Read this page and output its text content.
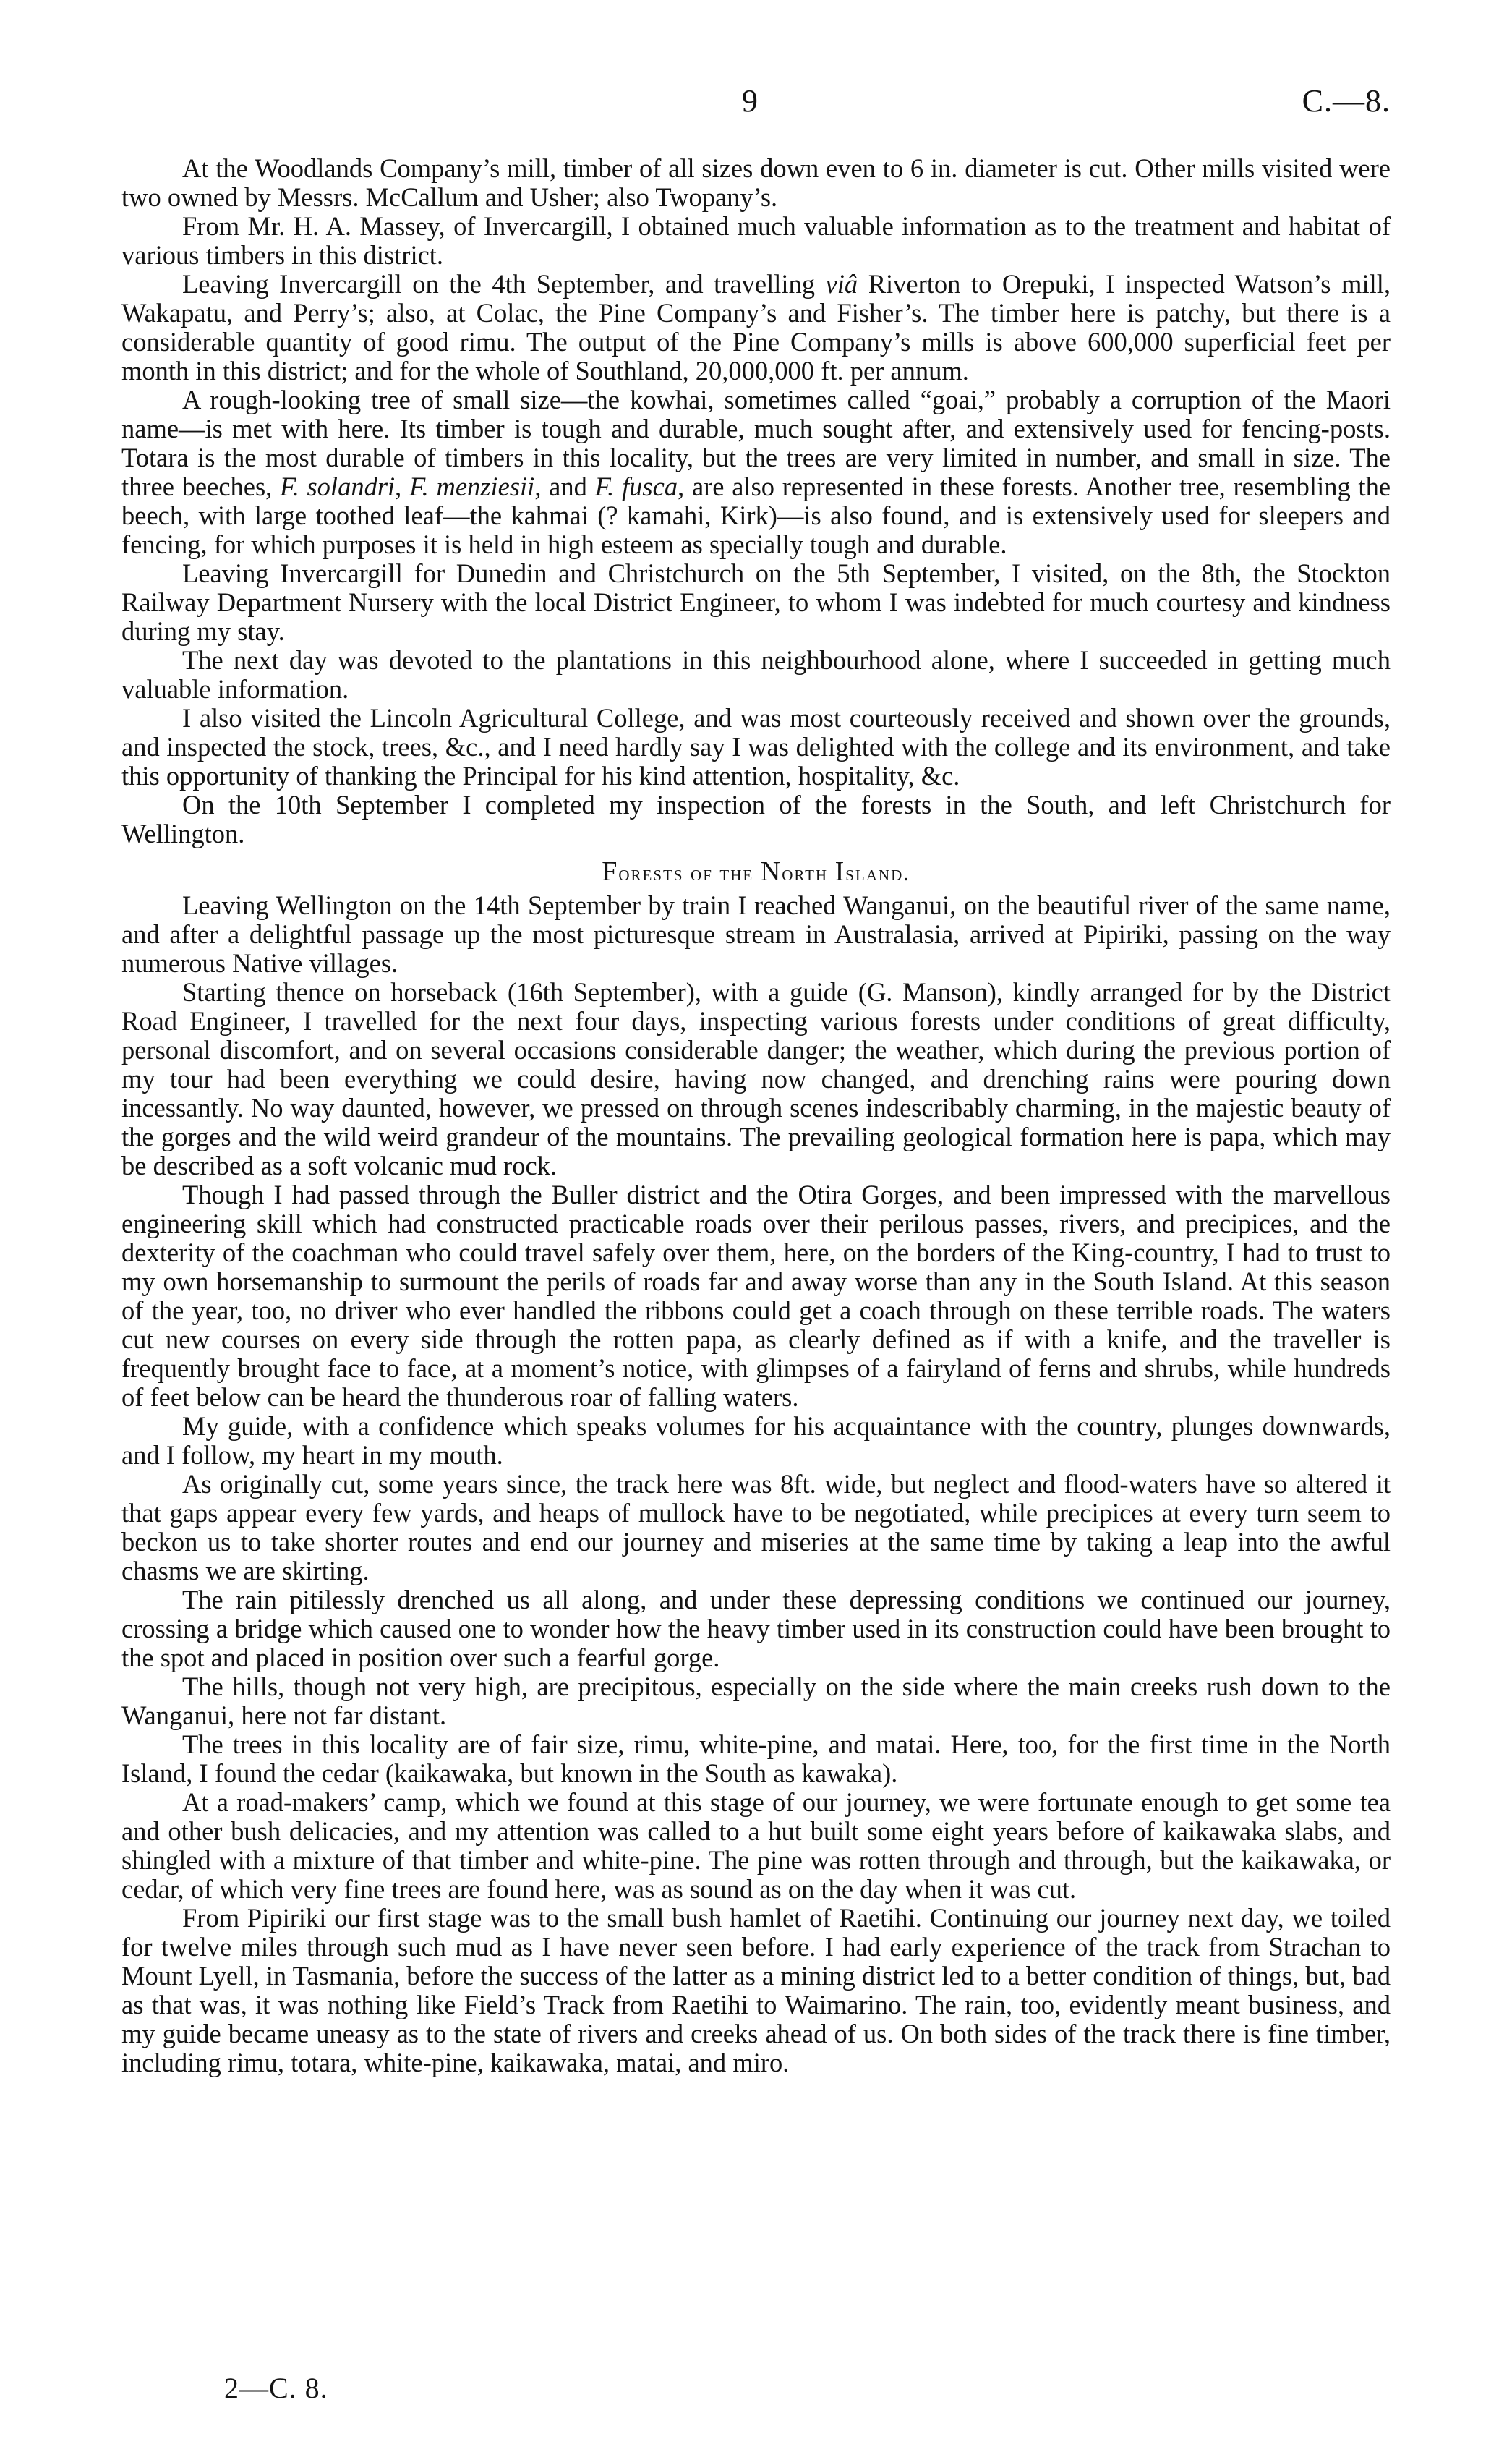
9	C.—8.

At the Woodlands Company’s mill, timber of all sizes down even to 6 in. diameter is cut. Other mills visited were two owned by Messrs. McCallum and Usher; also Twopany’s.

From Mr. H. A. Massey, of Invercargill, I obtained much valuable information as to the treatment and habitat of various timbers in this district.

Leaving Invercargill on the 4th September, and travelling viâ Riverton to Orepuki, I inspected Watson’s mill, Wakapatu, and Perry’s; also, at Colac, the Pine Company’s and Fisher’s. The timber here is patchy, but there is a considerable quantity of good rimu. The output of the Pine Company’s mills is above 600,000 superficial feet per month in this district; and for the whole of Southland, 20,000,000 ft. per annum.

A rough-looking tree of small size—the kowhai, sometimes called “goai,” probably a corruption of the Maori name—is met with here. Its timber is tough and durable, much sought after, and extensively used for fencing-posts. Totara is the most durable of timbers in this locality, but the trees are very limited in number, and small in size. The three beeches, F. solandri, F. menziesii, and F. fusca, are also represented in these forests. Another tree, resembling the beech, with large toothed leaf—the kahmai (? kamahi, Kirk)—is also found, and is extensively used for sleepers and fencing, for which purposes it is held in high esteem as specially tough and durable.

Leaving Invercargill for Dunedin and Christchurch on the 5th September, I visited, on the 8th, the Stockton Railway Department Nursery with the local District Engineer, to whom I was indebted for much courtesy and kindness during my stay.

The next day was devoted to the plantations in this neighbourhood alone, where I succeeded in getting much valuable information.

I also visited the Lincoln Agricultural College, and was most courteously received and shown over the grounds, and inspected the stock, trees, &c., and I need hardly say I was delighted with the college and its environment, and take this opportunity of thanking the Principal for his kind attention, hospitality, &c.

On the 10th September I completed my inspection of the forests in the South, and left Christchurch for Wellington.

Forests of the North Island.

Leaving Wellington on the 14th September by train I reached Wanganui, on the beautiful river of the same name, and after a delightful passage up the most picturesque stream in Australasia, arrived at Pipiriki, passing on the way numerous Native villages.

Starting thence on horseback (16th September), with a guide (G. Manson), kindly arranged for by the District Road Engineer, I travelled for the next four days, inspecting various forests under conditions of great difficulty, personal discomfort, and on several occasions considerable danger; the weather, which during the previous portion of my tour had been everything we could desire, having now changed, and drenching rains were pouring down incessantly. No way daunted, however, we pressed on through scenes indescribably charming, in the majestic beauty of the gorges and the wild weird grandeur of the mountains. The prevailing geological formation here is papa, which may be described as a soft volcanic mud rock.

Though I had passed through the Buller district and the Otira Gorges, and been impressed with the marvellous engineering skill which had constructed practicable roads over their perilous passes, rivers, and precipices, and the dexterity of the coachman who could travel safely over them, here, on the borders of the King-country, I had to trust to my own horsemanship to surmount the perils of roads far and away worse than any in the South Island. At this season of the year, too, no driver who ever handled the ribbons could get a coach through on these terrible roads. The waters cut new courses on every side through the rotten papa, as clearly defined as if with a knife, and the traveller is frequently brought face to face, at a moment’s notice, with glimpses of a fairyland of ferns and shrubs, while hundreds of feet below can be heard the thunderous roar of falling waters.

My guide, with a confidence which speaks volumes for his acquaintance with the country, plunges downwards, and I follow, my heart in my mouth.

As originally cut, some years since, the track here was 8ft. wide, but neglect and flood-waters have so altered it that gaps appear every few yards, and heaps of mullock have to be negotiated, while precipices at every turn seem to beckon us to take shorter routes and end our journey and miseries at the same time by taking a leap into the awful chasms we are skirting.

The rain pitilessly drenched us all along, and under these depressing conditions we continued our journey, crossing a bridge which caused one to wonder how the heavy timber used in its construction could have been brought to the spot and placed in position over such a fearful gorge.

The hills, though not very high, are precipitous, especially on the side where the main creeks rush down to the Wanganui, here not far distant.

The trees in this locality are of fair size, rimu, white-pine, and matai. Here, too, for the first time in the North Island, I found the cedar (kaikawaka, but known in the South as kawaka).

At a road-makers’ camp, which we found at this stage of our journey, we were fortunate enough to get some tea and other bush delicacies, and my attention was called to a hut built some eight years before of kaikawaka slabs, and shingled with a mixture of that timber and white-pine. The pine was rotten through and through, but the kaikawaka, or cedar, of which very fine trees are found here, was as sound as on the day when it was cut.

From Pipiriki our first stage was to the small bush hamlet of Raetihi. Continuing our journey next day, we toiled for twelve miles through such mud as I have never seen before. I had early experience of the track from Strachan to Mount Lyell, in Tasmania, before the success of the latter as a mining district led to a better condition of things, but, bad as that was, it was nothing like Field’s Track from Raetihi to Waimarino. The rain, too, evidently meant business, and my guide became uneasy as to the state of rivers and creeks ahead of us. On both sides of the track there is fine timber, including rimu, totara, white-pine, kaikawaka, matai, and miro.

2—C. 8.
